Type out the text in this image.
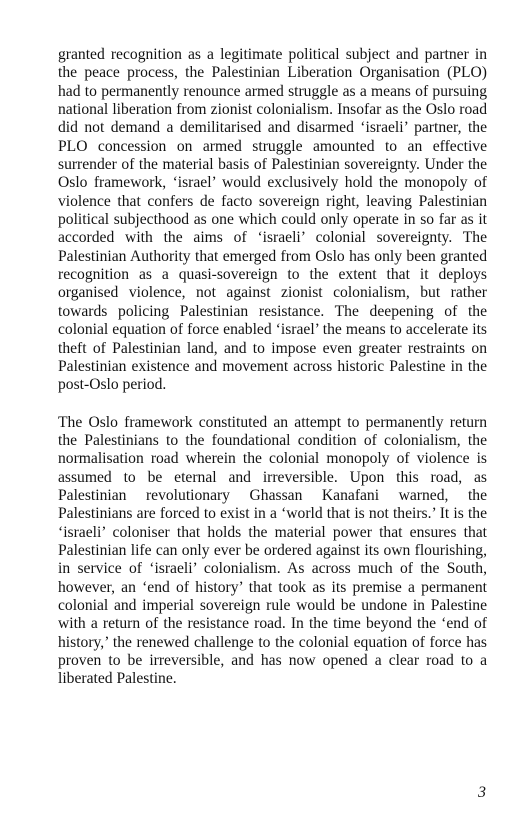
granted recognition as a legitimate political subject and partner in the peace process, the Palestinian Liberation Organisation (PLO) had to permanently renounce armed struggle as a means of pursuing national liberation from zionist colonialism. Insofar as the Oslo road did not demand a demilitarised and disarmed ‘israeli’ partner, the PLO concession on armed struggle amounted to an effective surrender of the material basis of Palestinian sovereignty. Under the Oslo framework, ‘israel’ would exclusively hold the monopoly of violence that confers de facto sovereign right, leaving Palestinian political subjecthood as one which could only operate in so far as it accorded with the aims of ‘israeli’ colonial sovereignty. The Palestinian Authority that emerged from Oslo has only been granted recognition as a quasi-sovereign to the extent that it deploys organised violence, not against zionist colonialism, but rather towards policing Palestinian resistance. The deepening of the colonial equation of force enabled ‘israel’ the means to accelerate its theft of Palestinian land, and to impose even greater restraints on Palestinian existence and movement across historic Palestine in the post-Oslo period.

The Oslo framework constituted an attempt to permanently return the Palestinians to the foundational condition of colonialism, the normalisation road wherein the colonial monopoly of violence is assumed to be eternal and irreversible. Upon this road, as Palestinian revolutionary Ghassan Kanafani warned, the Palestinians are forced to exist in a ‘world that is not theirs.’ It is the ‘israeli’ coloniser that holds the material power that ensures that Palestinian life can only ever be ordered against its own flourishing, in service of ‘israeli’ colonialism. As across much of the South, however, an ‘end of history’ that took as its premise a permanent colonial and imperial sovereign rule would be undone in Palestine with a return of the resistance road. In the time beyond the ‘end of history,’ the renewed challenge to the colonial equation of force has proven to be irreversible, and has now opened a clear road to a liberated Palestine.

3
